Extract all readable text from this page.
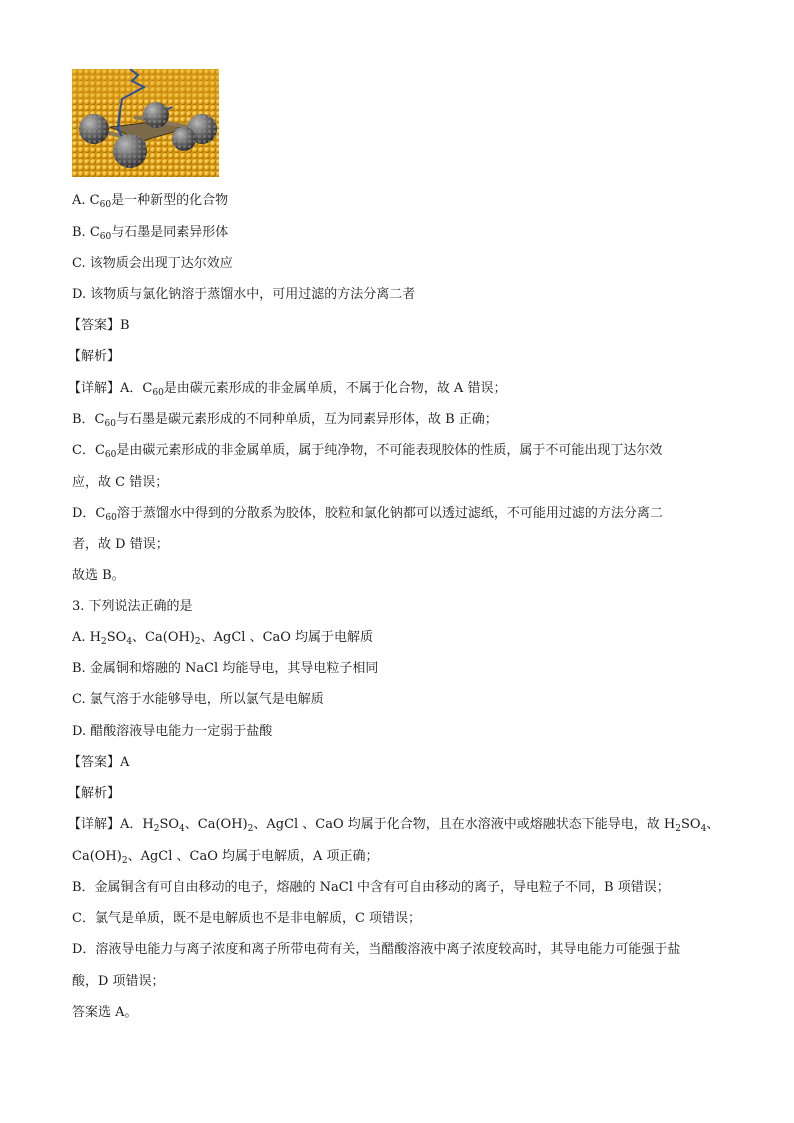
A. $C_{60}$是一种新型的化合物
B. $C_{60}$与石墨是同素异形体
C. 该物质会出现丁达尔效应
D. 该物质与氯化钠溶于蒸馏水中，可用过滤的方法分离二者
【答案】B
【解析】
【详解】A．$C_{60}$是由碳元素形成的非金属单质，不属于化合物，故 A 错误；
B．$C_{60}$与石墨是碳元素形成的不同种单质，互为同素异形体，故 B 正确；
C．$C_{60}$是由碳元素形成的非金属单质，属于纯净物，不可能表现胶体的性质，属于不可能出现丁达尔效
应，故 C 错误；
D．$C_{60}$溶于蒸馏水中得到的分散系为胶体，胶粒和氯化钠都可以透过滤纸，不可能用过滤的方法分离二
者，故 D 错误；
故选 B。
3. 下列说法正确的是
A. $H_2SO_4$、$Ca(OH)_2$、AgCl 、CaO 均属于电解质
B. 金属铜和熔融的 NaCl 均能导电，其导电粒子相同
C. 氯气溶于水能够导电，所以氯气是电解质
D. 醋酸溶液导电能力一定弱于盐酸
【答案】A
【解析】
【详解】A．$H_2SO_4$、$Ca(OH)_2$、AgCl 、CaO 均属于化合物，且在水溶液中或熔融状态下能导电，故 $H_2SO_4$、
$Ca(OH)_2$、AgCl 、CaO 均属于电解质，A 项正确；
B．金属铜含有可自由移动的电子，熔融的 NaCl 中含有可自由移动的离子，导电粒子不同，B 项错误；
C．氯气是单质，既不是电解质也不是非电解质，C 项错误；
D．溶液导电能力与离子浓度和离子所带电荷有关，当醋酸溶液中离子浓度较高时，其导电能力可能强于盐
酸，D 项错误；
答案选 A。
